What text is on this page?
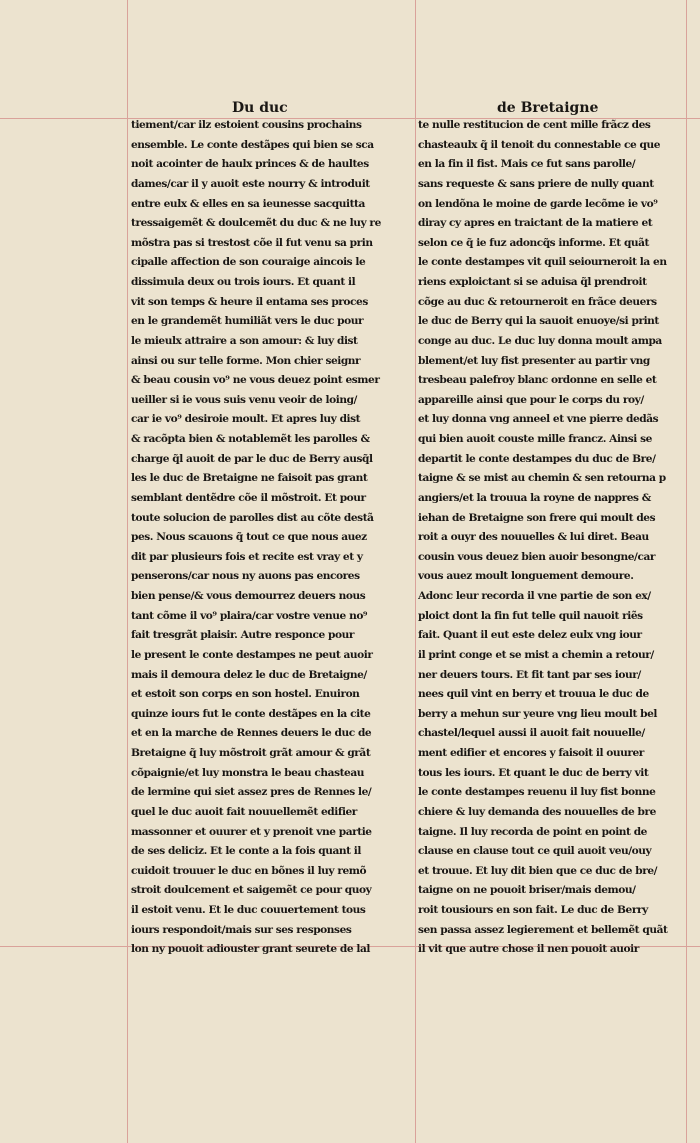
Du duc	de Bretaigne
tiement/car ilz estoient cousins prochains
ensemble. Le conte destãpes qui bien se sca
noit acointer de haulx princes & de haultes
dames/car il y auoit este nourry & introduit
entre eulx & elles en sa ieunesse sacquitta
tressaigemẽt & doulcemẽt du duc & ne luy re
mõstra pas si trestost cõe il fut venu sa prin
cipalle affection de son couraige aincois le
dissimula deux ou trois iours. Et quant il
vit son temps & heure il entama ses proces
en le grandemẽt humiliãt vers le duc pour
le mieulx attraire a son amour: & luy dist
ainsi ou sur telle forme. Mon chier seignr
& beau cousin vo⁹ ne vous deuez point esmer
ueiller si ie vous suis venu veoir de loing/
car ie vo⁹ desiroie moult. Et apres luy dist
& racõpta bien & notablemẽt les parolles &
charge q̃l auoit de par le duc de Berry ausq̃l
les le duc de Bretaigne ne faisoit pas grant
semblant dentẽdre cõe il mõstroit. Et pour
toute solucion de parolles dist au cõte destã
pes. Nous scauons q̃ tout ce que nous auez
dit par plusieurs fois et recite est vray et y
penserons/car nous ny auons pas encores
bien pense/& vous demourrez deuers nous
tant cõme il vo⁹ plaira/car vostre venue no⁹
fait tresgrãt plaisir. Autre responce pour
le present le conte destampes ne peut auoir
mais il demoura delez le duc de Bretaigne/
et estoit son corps en son hostel. Enuiron
quinze iours fut le conte destãpes en la cite
et en la marche de Rennes deuers le duc de
Bretaigne q̃ luy mõstroit grãt amour & grãt
cõpaignie/et luy monstra le beau chasteau
de lermine qui siet assez pres de Rennes le/
quel le duc auoit fait nouuellemẽt edifier
massonner et ouurer et y prenoit vne partie
de ses deliciz. Et le conte a la fois quant il
cuidoit trouuer le duc en bõnes il luy remõ
stroit doulcement et saigemẽt ce pour quoy
il estoit venu. Et le duc couuertement tous
iours respondoit/mais sur ses responses
lon ny pouoit adiouster grant seurete de lal
te nulle restitucion de cent mille frãcz des
chasteaulx q̃ il tenoit du connestable ce que
en la fin il fist. Mais ce fut sans parolle/
sans requeste & sans priere de nully quant
on lendõna le moine de garde lecõme ie vo⁹
diray cy apres en traictant de la matiere et
selon ce q̃ ie fuz adoncq̃s informe. Et quãt
le conte destampes vit quil seiourneroit la en
riens exploictant si se aduisa q̃l prendroit
cõge au duc & retourneroit en frãce deuers
le duc de Berry qui la sauoit enuoye/si print
conge au duc. Le duc luy donna moult ampa
blement/et luy fist presenter au partir vng
tresbeau palefroy blanc ordonne en selle et
appareille ainsi que pour le corps du roy/
et luy donna vng anneel et vne pierre dedãs
qui bien auoit couste mille francz. Ainsi se
departit le conte destampes du duc de Bre/
taigne & se mist au chemin & sen retourna p
angiers/et la trouua la royne de nappres &
iehan de Bretaigne son frere qui moult des
roit a ouyr des nouuelles & lui diret. Beau
cousin vous deuez bien auoir besongne/car
vous auez moult longuement demoure.
Adonc leur recorda il vne partie de son ex/
ploict dont la fin fut telle quil nauoit riẽs
fait. Quant il eut este delez eulx vng iour
il print conge et se mist a chemin a retour/
ner deuers tours. Et fit tant par ses iour/
nees quil vint en berry et trouua le duc de
berry a mehun sur yeure vng lieu moult bel
chastel/lequel aussi il auoit fait nouuelle/
ment edifier et encores y faisoit il ouurer
tous les iours. Et quant le duc de berry vit
le conte destampes reuenu il luy fist bonne
chiere & luy demanda des nouuelles de bre
taigne. Il luy recorda de point en point de
clause en clause tout ce quil auoit veu/ouy
et trouue. Et luy dit bien que ce duc de bre/
taigne on ne pouoit briser/mais demou/
roit tousiours en son fait. Le duc de Berry
sen passa assez legierement et bellemẽt quãt
il vit que autre chose il nen pouoit auoir
